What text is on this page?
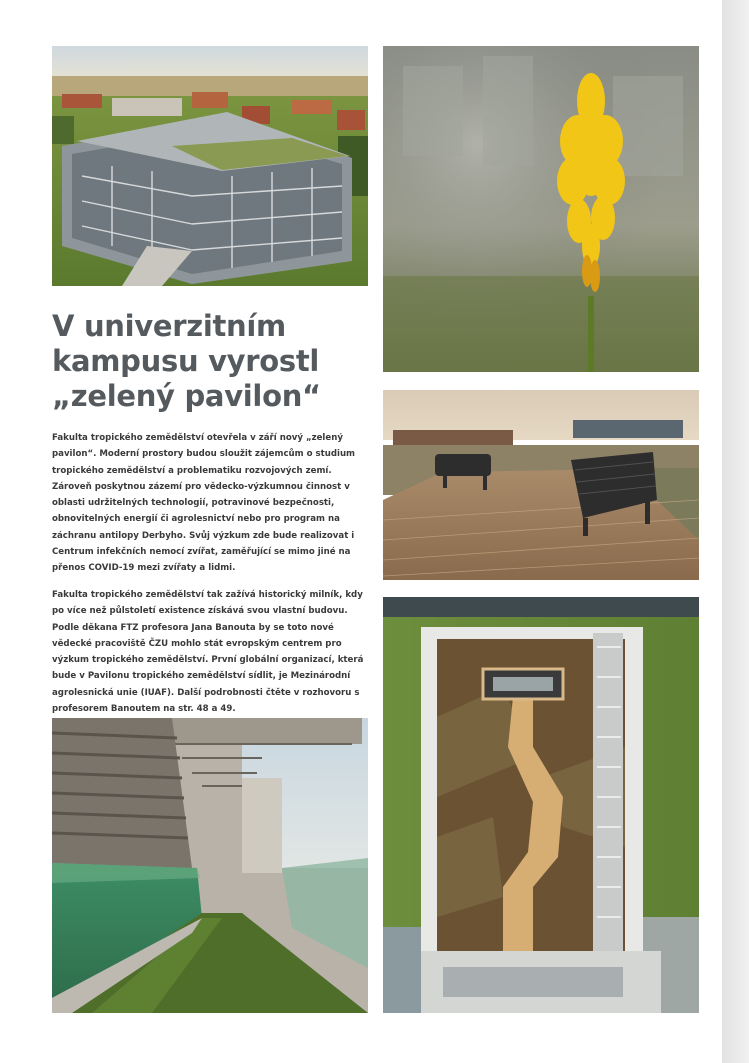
V univerzitním
kampusu vyrostl
„zelený pavilon“

Fakulta tropického zemědělství otevřela v září nový „zelený pavilon“. Moderní prostory budou sloužit zájemcům o studium tropického zemědělství a problematiku rozvojových zemí. Zároveň poskytnou zázemí pro vědecko-výzkumnou činnost v oblasti udržitelných technologií, potravinové bezpečnosti, obnovitelných energií či agrolesnictví nebo pro program na záchranu antilopy Derbyho. Svůj výzkum zde bude realizovat i Centrum infekčních nemocí zvířat, zaměřující se mimo jiné na přenos COVID-19 mezi zvířaty a lidmi.

Fakulta tropického zemědělství tak zažívá historický milník, kdy po více než půlstoletí existence získává svou vlastní budovu. Podle děkana FTZ profesora Jana Banouta by se toto nové vědecké pracoviště ČZU mohlo stát evropským centrem pro výzkum tropického zemědělství. První globální organizací, která bude v Pavilonu tropického zemědělství sídlit, je Mezinárodní agrolesnická unie (IUAF). Další podrobnosti čtěte v rozhovoru s profesorem Banoutem na str. 48 a 49.
